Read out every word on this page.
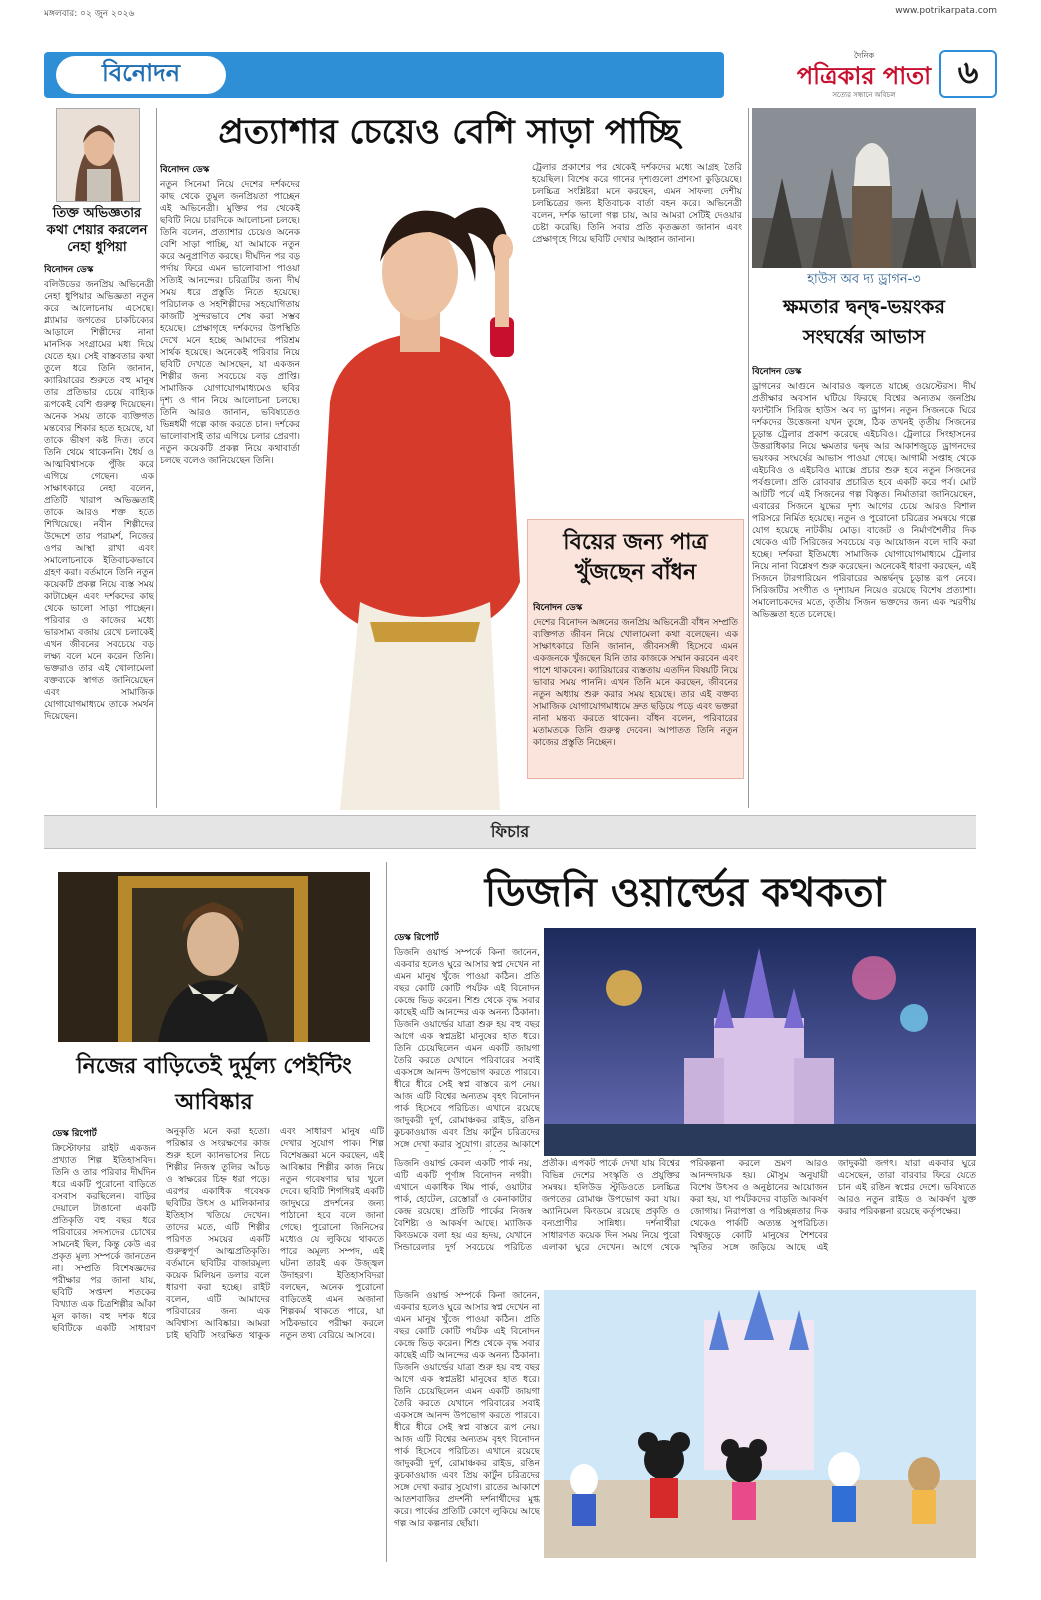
মঙ্গলবার: ০২ জুন ২০২৬	www.potrikarpata.com
বিনোদন
দৈনিক
পত্রিকার পাতা
সত্যের সন্ধানে অবিচল
৬
তিক্ত অভিজ্ঞতার কথা শেয়ার করলেন নেহা ধুপিয়া
বিনোদন ডেস্ক
বলিউডের জনপ্রিয় অভিনেত্রী নেহা ধুপিয়ার অভিজ্ঞতা নতুন করে আলোচনায় এসেছে। গ্ল্যামার জগতের চাকচিক্যের আড়ালে শিল্পীদের নানা মানসিক সংগ্রামের মধ্য দিয়ে যেতে হয়। সেই বাস্তবতার কথা তুলে ধরে তিনি জানান, ক্যারিয়ারের শুরুতে বহু মানুষ তার প্রতিভার চেয়ে বাহ্যিক রূপকেই বেশি গুরুত্ব দিয়েছেন। অনেক সময় তাকে ব্যক্তিগত মন্তব্যের শিকার হতে হয়েছে, যা তাকে ভীষণ কষ্ট দিত। তবে তিনি থেমে থাকেননি। ধৈর্য ও আত্মবিশ্বাসকে পুঁজি করে এগিয়ে গেছেন। এক সাক্ষাৎকারে নেহা বলেন, প্রতিটি খারাপ অভিজ্ঞতাই তাকে আরও শক্ত হতে শিখিয়েছে। নবীন শিল্পীদের উদ্দেশে তার পরামর্শ, নিজের ওপর আস্থা রাখা এবং সমালোচনাকে ইতিবাচকভাবে গ্রহণ করা। বর্তমানে তিনি নতুন কয়েকটি প্রকল্প নিয়ে ব্যস্ত সময় কাটাচ্ছেন এবং দর্শকদের কাছ থেকে ভালো সাড়া পাচ্ছেন। পরিবার ও কাজের মধ্যে ভারসাম্য বজায় রেখে চলাকেই এখন জীবনের সবচেয়ে বড় লক্ষ্য বলে মনে করেন তিনি। ভক্তরাও তার এই খোলামেলা বক্তব্যকে স্বাগত জানিয়েছেন এবং সামাজিক যোগাযোগমাধ্যমে তাকে সমর্থন দিয়েছেন।
প্রত্যাশার চেয়েও বেশি সাড়া পাচ্ছি
বিনোদন ডেস্ক
নতুন সিনেমা নিয়ে দেশের দর্শকদের কাছ থেকে তুমুল জনপ্রিয়তা পাচ্ছেন এই অভিনেত্রী। মুক্তির পর থেকেই ছবিটি নিয়ে চারদিকে আলোচনা চলছে। তিনি বলেন, প্রত্যাশার চেয়েও অনেক বেশি সাড়া পাচ্ছি, যা আমাকে নতুন করে অনুপ্রাণিত করছে। দীর্ঘদিন পর বড় পর্দায় ফিরে এমন ভালোবাসা পাওয়া সত্যিই আনন্দের। চরিত্রটির জন্য দীর্ঘ সময় ধরে প্রস্তুতি নিতে হয়েছে। পরিচালক ও সহশিল্পীদের সহযোগিতায় কাজটি সুন্দরভাবে শেষ করা সম্ভব হয়েছে। প্রেক্ষাগৃহে দর্শকদের উপস্থিতি দেখে মনে হচ্ছে আমাদের পরিশ্রম সার্থক হয়েছে। অনেকেই পরিবার নিয়ে ছবিটি দেখতে আসছেন, যা একজন শিল্পীর জন্য সবচেয়ে বড় প্রাপ্তি। সামাজিক যোগাযোগমাধ্যমেও ছবির দৃশ্য ও গান নিয়ে আলোচনা চলছে। তিনি আরও জানান, ভবিষ্যতেও ভিন্নধর্মী গল্পে কাজ করতে চান। দর্শকের ভালোবাসাই তার এগিয়ে চলার প্রেরণা। নতুন কয়েকটি প্রকল্প নিয়ে কথাবার্তা চলছে বলেও জানিয়েছেন তিনি।
ট্রেলার প্রকাশের পর থেকেই দর্শকদের মধ্যে আগ্রহ তৈরি হয়েছিল। বিশেষ করে গানের দৃশ্যগুলো প্রশংসা কুড়িয়েছে। চলচ্চিত্র সংশ্লিষ্টরা মনে করছেন, এমন সাফল্য দেশীয় চলচ্চিত্রের জন্য ইতিবাচক বার্তা বহন করে। অভিনেত্রী বলেন, দর্শক ভালো গল্প চায়, আর আমরা সেটিই দেওয়ার চেষ্টা করেছি। তিনি সবার প্রতি কৃতজ্ঞতা জানান এবং প্রেক্ষাগৃহে গিয়ে ছবিটি দেখার আহ্বান জানান।
বিয়ের জন্য পাত্র খুঁজছেন বাঁধন
বিনোদন ডেস্ক
দেশের বিনোদন অঙ্গনের জনপ্রিয় অভিনেত্রী বাঁধন সম্প্রতি ব্যক্তিগত জীবন নিয়ে খোলামেলা কথা বলেছেন। এক সাক্ষাৎকারে তিনি জানান, জীবনসঙ্গী হিসেবে এমন একজনকে খুঁজছেন যিনি তার কাজকে সম্মান করবেন এবং পাশে থাকবেন। ক্যারিয়ারের ব্যস্ততায় এতদিন বিষয়টি নিয়ে ভাবার সময় পাননি। এখন তিনি মনে করছেন, জীবনের নতুন অধ্যায় শুরু করার সময় হয়েছে। তার এই বক্তব্য সামাজিক যোগাযোগমাধ্যমে দ্রুত ছড়িয়ে পড়ে এবং ভক্তরা নানা মন্তব্য করতে থাকেন। বাঁধন বলেন, পরিবারের মতামতকে তিনি গুরুত্ব দেবেন। আপাতত তিনি নতুন কাজের প্রস্তুতি নিচ্ছেন।
হাউস অব দ্য ড্রাগন-৩
ক্ষমতার দ্বন্দ্ব-ভয়ংকর সংঘর্ষের আভাস
বিনোদন ডেস্ক
ড্রাগনের আগুনে আবারও জ্বলতে যাচ্ছে ওয়েস্টেরস। দীর্ঘ প্রতীক্ষার অবসান ঘটিয়ে ফিরছে বিশ্বের অন্যতম জনপ্রিয় ফ্যান্টাসি সিরিজ হাউস অব দ্য ড্রাগন। নতুন সিজনকে ঘিরে দর্শকদের উত্তেজনা যখন তুঙ্গে, ঠিক তখনই তৃতীয় সিজনের চূড়ান্ত ট্রেলার প্রকাশ করেছে এইচবিও। ট্রেলারে সিংহাসনের উত্তরাধিকার নিয়ে ক্ষমতার দ্বন্দ্ব আর আকাশজুড়ে ড্রাগনদের ভয়ংকর সংঘর্ষের আভাস পাওয়া গেছে। আগামী সপ্তাহ থেকে এইচবিও ও এইচবিও ম্যাক্সে প্রচার শুরু হবে নতুন সিজনের পর্বগুলো। প্রতি রোববার প্রচারিত হবে একটি করে পর্ব। মোট আটটি পর্বে এই সিজনের গল্প বিস্তৃত। নির্মাতারা জানিয়েছেন, এবারের সিজনে যুদ্ধের দৃশ্য আগের চেয়ে আরও বিশাল পরিসরে নির্মিত হয়েছে। নতুন ও পুরোনো চরিত্রের সমন্বয়ে গল্পে যোগ হয়েছে নাটকীয় মোড়। বাজেট ও নির্মাণশৈলীর দিক থেকেও এটি সিরিজের সবচেয়ে বড় আয়োজন বলে দাবি করা হচ্ছে। দর্শকরা ইতিমধ্যে সামাজিক যোগাযোগমাধ্যমে ট্রেলার নিয়ে নানা বিশ্লেষণ শুরু করেছেন। অনেকেই ধারণা করছেন, এই সিজনে টারগারিয়েন পরিবারের অন্তর্দ্বন্দ্ব চূড়ান্ত রূপ নেবে। সিরিজটির সংগীত ও দৃশ্যায়ন নিয়েও রয়েছে বিশেষ প্রত্যাশা। সমালোচকদের মতে, তৃতীয় সিজন ভক্তদের জন্য এক স্মরণীয় অভিজ্ঞতা হতে চলেছে।
ফিচার
নিজের বাড়িতেই দুর্মূল্য পেইন্টিং আবিষ্কার
ডেস্ক রিপোর্ট
ক্রিস্টোফার রাইট একজন প্রখ্যাত শিল্প ইতিহাসবিদ। তিনি ও তার পরিবার দীর্ঘদিন ধরে একটি পুরোনো বাড়িতে বসবাস করছিলেন। বাড়ির দেয়ালে টাঙানো একটি প্রতিকৃতি বহু বছর ধরে পরিবারের সদস্যদের চোখের সামনেই ছিল, কিন্তু কেউ এর প্রকৃত মূল্য সম্পর্কে জানতেন না। সম্প্রতি বিশেষজ্ঞদের পরীক্ষার পর জানা যায়, ছবিটি সপ্তদশ শতকের বিখ্যাত এক চিত্রশিল্পীর আঁকা মূল কাজ। বহু দশক ধরে ছবিটিকে একটি সাধারণ অনুকৃতি মনে করা হতো। পরিষ্কার ও সংরক্ষণের কাজ শুরু হলে ক্যানভাসের নিচে শিল্পীর নিজস্ব তুলির আঁচড় ও স্বাক্ষরের চিহ্ন ধরা পড়ে। এরপর একাধিক গবেষক ছবিটির উৎস ও মালিকানার ইতিহাস খতিয়ে দেখেন। তাদের মতে, এটি শিল্পীর পরিণত সময়ের একটি গুরুত্বপূর্ণ আত্মপ্রতিকৃতি। বর্তমানে ছবিটির বাজারমূল্য কয়েক মিলিয়ন ডলার বলে ধারণা করা হচ্ছে। রাইট বলেন, এটি আমাদের পরিবারের জন্য এক অবিশ্বাস্য আবিষ্কার। আমরা চাই ছবিটি সংরক্ষিত থাকুক এবং সাধারণ মানুষ এটি দেখার সুযোগ পাক। শিল্প বিশেষজ্ঞরা মনে করছেন, এই আবিষ্কার শিল্পীর কাজ নিয়ে নতুন গবেষণার দ্বার খুলে দেবে। ছবিটি শিগগিরই একটি জাদুঘরে প্রদর্শনের জন্য পাঠানো হবে বলে জানা গেছে। পুরোনো জিনিসের মধ্যেও যে লুকিয়ে থাকতে পারে অমূল্য সম্পদ, এই ঘটনা তারই এক উজ্জ্বল উদাহরণ। ইতিহাসবিদরা বলছেন, অনেক পুরোনো বাড়িতেই এমন অজানা শিল্পকর্ম থাকতে পারে, যা সঠিকভাবে পরীক্ষা করলে নতুন তথ্য বেরিয়ে আসবে।
ডিজনি ওয়ার্ল্ডের কথকতা
ডেস্ক রিপোর্ট
ডিজনি ওয়ার্ল্ড সম্পর্কে কিনা জানেন, একবার হলেও ঘুরে আসার স্বপ্ন দেখেন না এমন মানুষ খুঁজে পাওয়া কঠিন। প্রতি বছর কোটি কোটি পর্যটক এই বিনোদন কেন্দ্রে ভিড় করেন। শিশু থেকে বৃদ্ধ সবার কাছেই এটি আনন্দের এক অনন্য ঠিকানা। ডিজনি ওয়ার্ল্ডের যাত্রা শুরু হয় বহু বছর আগে এক স্বপ্নদ্রষ্টা মানুষের হাত ধরে। তিনি চেয়েছিলেন এমন একটি জায়গা তৈরি করতে যেখানে পরিবারের সবাই একসঙ্গে আনন্দ উপভোগ করতে পারবে। ধীরে ধীরে সেই স্বপ্ন বাস্তবে রূপ নেয়। আজ এটি বিশ্বের অন্যতম বৃহৎ বিনোদন পার্ক হিসেবে পরিচিত। এখানে রয়েছে জাদুকরী দুর্গ, রোমাঞ্চকর রাইড, রঙিন কুচকাওয়াজ এবং প্রিয় কার্টুন চরিত্রদের সঙ্গে দেখা করার সুযোগ। রাতের আকাশে
ডিজনি ওয়ার্ল্ড কেবল একটি পার্ক নয়, এটি একটি পূর্ণাঙ্গ বিনোদন নগরী। এখানে একাধিক থিম পার্ক, ওয়াটার পার্ক, হোটেল, রেস্তোরাঁ ও কেনাকাটার কেন্দ্র রয়েছে। প্রতিটি পার্কের নিজস্ব বৈশিষ্ট্য ও আকর্ষণ আছে। ম্যাজিক কিংডমকে বলা হয় এর হৃদয়, যেখানে সিন্ডারেলার দুর্গ সবচেয়ে পরিচিত প্রতীক। এপকট পার্কে দেখা যায় বিশ্বের বিভিন্ন দেশের সংস্কৃতি ও প্রযুক্তির সমন্বয়। হলিউড স্টুডিওতে চলচ্চিত্র জগতের রোমাঞ্চ উপভোগ করা যায়। অ্যানিমেল কিংডমে রয়েছে প্রকৃতি ও বন্যপ্রাণীর সান্নিধ্য। দর্শনার্থীরা সাধারণত কয়েক দিন সময় নিয়ে পুরো এলাকা ঘুরে দেখেন। আগে থেকে পরিকল্পনা করলে ভ্রমণ আরও আনন্দদায়ক হয়। মৌসুম অনুযায়ী বিশেষ উৎসব ও অনুষ্ঠানের আয়োজন করা হয়, যা পর্যটকদের বাড়তি আকর্ষণ জোগায়। নিরাপত্তা ও পরিচ্ছন্নতার দিক থেকেও পার্কটি অত্যন্ত সুপরিচিত। বিশ্বজুড়ে কোটি মানুষের শৈশবের স্মৃতির সঙ্গে জড়িয়ে আছে এই জাদুকরী জগৎ। যারা একবার ঘুরে এসেছেন, তারা বারবার ফিরে যেতে চান এই রঙিন স্বপ্নের দেশে। ভবিষ্যতে আরও নতুন রাইড ও আকর্ষণ যুক্ত করার পরিকল্পনা রয়েছে কর্তৃপক্ষের।
ডিজনি ওয়ার্ল্ড সম্পর্কে কিনা জানেন, একবার হলেও ঘুরে আসার স্বপ্ন দেখেন না এমন মানুষ খুঁজে পাওয়া কঠিন। প্রতি বছর কোটি কোটি পর্যটক এই বিনোদন কেন্দ্রে ভিড় করেন। শিশু থেকে বৃদ্ধ সবার কাছেই এটি আনন্দের এক অনন্য ঠিকানা। ডিজনি ওয়ার্ল্ডের যাত্রা শুরু হয় বহু বছর আগে এক স্বপ্নদ্রষ্টা মানুষের হাত ধরে। তিনি চেয়েছিলেন এমন একটি জায়গা তৈরি করতে যেখানে পরিবারের সবাই একসঙ্গে আনন্দ উপভোগ করতে পারবে। ধীরে ধীরে সেই স্বপ্ন বাস্তবে রূপ নেয়। আজ এটি বিশ্বের অন্যতম বৃহৎ বিনোদন পার্ক হিসেবে পরিচিত। এখানে রয়েছে জাদুকরী দুর্গ, রোমাঞ্চকর রাইড, রঙিন কুচকাওয়াজ এবং প্রিয় কার্টুন চরিত্রদের সঙ্গে দেখা করার সুযোগ। রাতের আকাশে আতশবাজির প্রদর্শনী দর্শনার্থীদের মুগ্ধ করে। পার্কের প্রতিটি কোণে লুকিয়ে আছে গল্প আর কল্পনার ছোঁয়া।
